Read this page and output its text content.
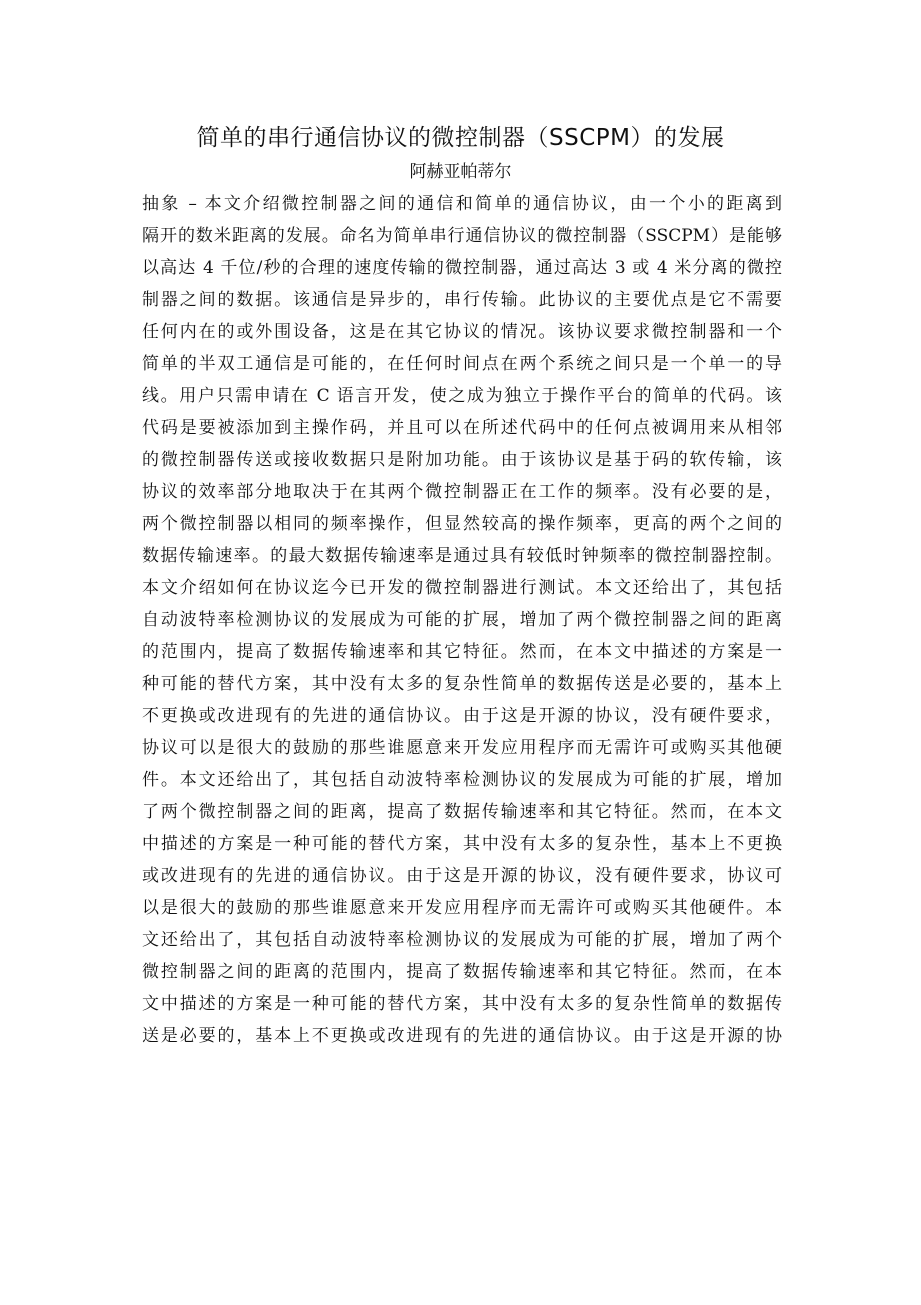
简单的串行通信协议的微控制器（SSCPM）的发展
阿赫亚帕蒂尔
抽象 – 本文介绍微控制器之间的通信和简单的通信协议，由一个小的距离到
隔开的数米距离的发展。命名为简单串行通信协议的微控制器（SSCPM）是能够
以高达 4 千位/秒的合理的速度传输的微控制器，通过高达 3 或 4 米分离的微控
制器之间的数据。该通信是异步的，串行传输。此协议的主要优点是它不需要
任何内在的或外围设备，这是在其它协议的情况。该协议要求微控制器和一个
简单的半双工通信是可能的，在任何时间点在两个系统之间只是一个单一的导
线。用户只需申请在 C 语言开发，使之成为独立于操作平台的简单的代码。该
代码是要被添加到主操作码，并且可以在所述代码中的任何点被调用来从相邻
的微控制器传送或接收数据只是附加功能。由于该协议是基于码的软传输，该
协议的效率部分地取决于在其两个微控制器正在工作的频率。没有必要的是，
两个微控制器以相同的频率操作，但显然较高的操作频率，更高的两个之间的
数据传输速率。的最大数据传输速率是通过具有较低时钟频率的微控制器控制。
本文介绍如何在协议迄今已开发的微控制器进行测试。本文还给出了，其包括
自动波特率检测协议的发展成为可能的扩展，增加了两个微控制器之间的距离
的范围内，提高了数据传输速率和其它特征。然而，在本文中描述的方案是一
种可能的替代方案，其中没有太多的复杂性简单的数据传送是必要的，基本上
不更换或改进现有的先进的通信协议。由于这是开源的协议，没有硬件要求，
协议可以是很大的鼓励的那些谁愿意来开发应用程序而无需许可或购买其他硬
件。本文还给出了，其包括自动波特率检测协议的发展成为可能的扩展，增加
了两个微控制器之间的距离，提高了数据传输速率和其它特征。然而，在本文
中描述的方案是一种可能的替代方案，其中没有太多的复杂性，基本上不更换
或改进现有的先进的通信协议。由于这是开源的协议，没有硬件要求，协议可
以是很大的鼓励的那些谁愿意来开发应用程序而无需许可或购买其他硬件。本
文还给出了，其包括自动波特率检测协议的发展成为可能的扩展，增加了两个
微控制器之间的距离的范围内，提高了数据传输速率和其它特征。然而，在本
文中描述的方案是一种可能的替代方案，其中没有太多的复杂性简单的数据传
送是必要的，基本上不更换或改进现有的先进的通信协议。由于这是开源的协
